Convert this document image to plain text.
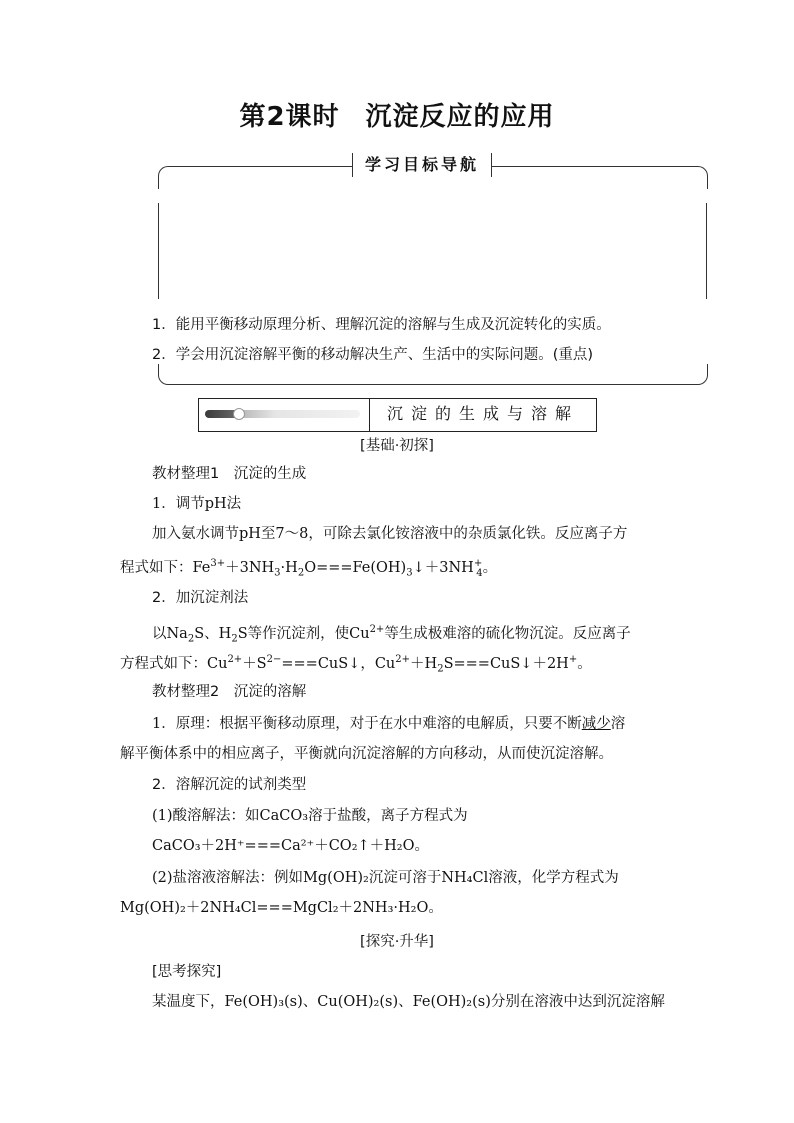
第2课时 沉淀反应的应用
学习目标导航
1．能用平衡移动原理分析、理解沉淀的溶解与生成及沉淀转化的实质。
2．学会用沉淀溶解平衡的移动解决生产、生活中的实际问题。(重点)
沉淀的生成与溶解
[基础·初探]
教材整理1　沉淀的生成
1．调节pH法
加入氨水调节pH至7～8，可除去氯化铵溶液中的杂质氯化铁。反应离子方
程式如下：$Fe^{3+}+3NH_3\cdot H_2O===Fe(OH)_3↓+3NH^+_4$。
2．加沉淀剂法
以$Na_2S$、$H_2S$等作沉淀剂，使$Cu^{2+}$等生成极难溶的硫化物沉淀。反应离子
方程式如下：$Cu^{2+}+S^{2-}===CuS↓$，$Cu^{2+}+H_2S===CuS↓+2H^+$。
教材整理2　沉淀的溶解
1．原理：根据平衡移动原理，对于在水中难溶的电解质，只要不断减少溶
解平衡体系中的相应离子，平衡就向沉淀溶解的方向移动，从而使沉淀溶解。
2．溶解沉淀的试剂类型
(1)酸溶解法：如CaCO₃溶于盐酸，离子方程式为
CaCO₃＋2H⁺===Ca²⁺＋CO₂↑＋H₂O。
(2)盐溶液溶解法：例如Mg(OH)₂沉淀可溶于NH₄Cl溶液，化学方程式为
Mg(OH)₂＋2NH₄Cl===MgCl₂＋2NH₃·H₂O。
[探究·升华]
[思考探究]
某温度下，Fe(OH)₃(s)、Cu(OH)₂(s)、Fe(OH)₂(s)分别在溶液中达到沉淀溶解
